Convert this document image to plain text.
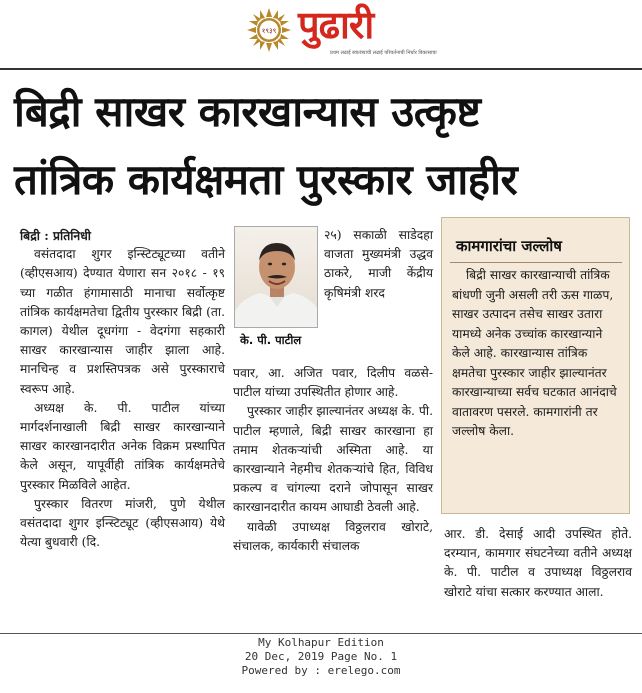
१९३९ पुढारी
प्रथम लढाई स्वातंत्र्याची लढाई परिवर्तनाची निर्धार विकासाचा
बिद्री साखर कारखान्यास उत्कृष्ट
तांत्रिक कार्यक्षमता पुरस्कार जाहीर

बिद्री : प्रतिनिधी

वसंतदादा शुगर इन्स्टिट्यूटच्या वतीने (व्हीएसआय) देण्यात येणारा सन २०१८ - १९ च्या गळीत हंगामासाठी मानाचा सर्वोत्कृष्ट तांत्रिक कार्यक्षमतेचा द्वितीय पुरस्कार बिद्री (ता. कागल) येथील दूधगंगा - वेदगंगा सहकारी साखर कारखान्यास जाहीर झाला आहे. मानचिन्ह व प्रशस्तिपत्रक असे पुरस्काराचे स्वरूप आहे.

अध्यक्ष के. पी. पाटील यांच्या मार्गदर्शनाखाली बिद्री साखर कारखान्याने साखर कारखानदारीत अनेक विक्रम प्रस्थापित केले असून, यापूर्वीही तांत्रिक कार्यक्षमतेचे पुरस्कार मिळविले आहेत.

पुरस्कार वितरण मांजरी, पुणे येथील वसंतदादा शुगर इन्स्टिट्यूट (व्हीएसआय) येथे येत्या बुधवारी (दि.

के. पी. पाटील

२५) सकाळी साडेदहा वाजता मुख्यमंत्री उद्धव ठाकरे, माजी केंद्रीय कृषिमंत्री शरद

पवार, आ. अजित पवार, दिलीप वळसे-पाटील यांच्या उपस्थितीत होणार आहे.

पुरस्कार जाहीर झाल्यानंतर अध्यक्ष के. पी. पाटील म्हणाले, बिद्री साखर कारखाना हा तमाम शेतकऱ्यांची अस्मिता आहे. या कारखान्याने नेहमीच शेतकऱ्यांचे हित, विविध प्रकल्प व चांगल्या दराने जोपासून साखर कारखानदारीत कायम आघाडी ठेवली आहे.

यावेळी उपाध्यक्ष विठ्ठलराव खोराटे, संचालक, कार्यकारी संचालक

कामगारांचा जल्लोष

बिद्री साखर कारखान्याची तांत्रिक बांधणी जुनी असली तरी ऊस गाळप, साखर उत्पादन तसेच साखर उतारा यामध्ये अनेक उच्चांक कारखान्याने केले आहे. कारखान्यास तांत्रिक क्षमतेचा पुरस्कार जाहीर झाल्यानंतर कारखान्याच्या सर्वच घटकात आनंदाचे वातावरण पसरले. कामगारांनी तर जल्लोष केला.

आर. डी. देसाई आदी उपस्थित होते. दरम्यान, कामगार संघटनेच्या वतीने अध्यक्ष के. पी. पाटील व उपाध्यक्ष विठ्ठलराव खोराटे यांचा सत्कार करण्यात आला.

My Kolhapur Edition
20 Dec, 2019 Page No. 1
Powered by : erelego.com
